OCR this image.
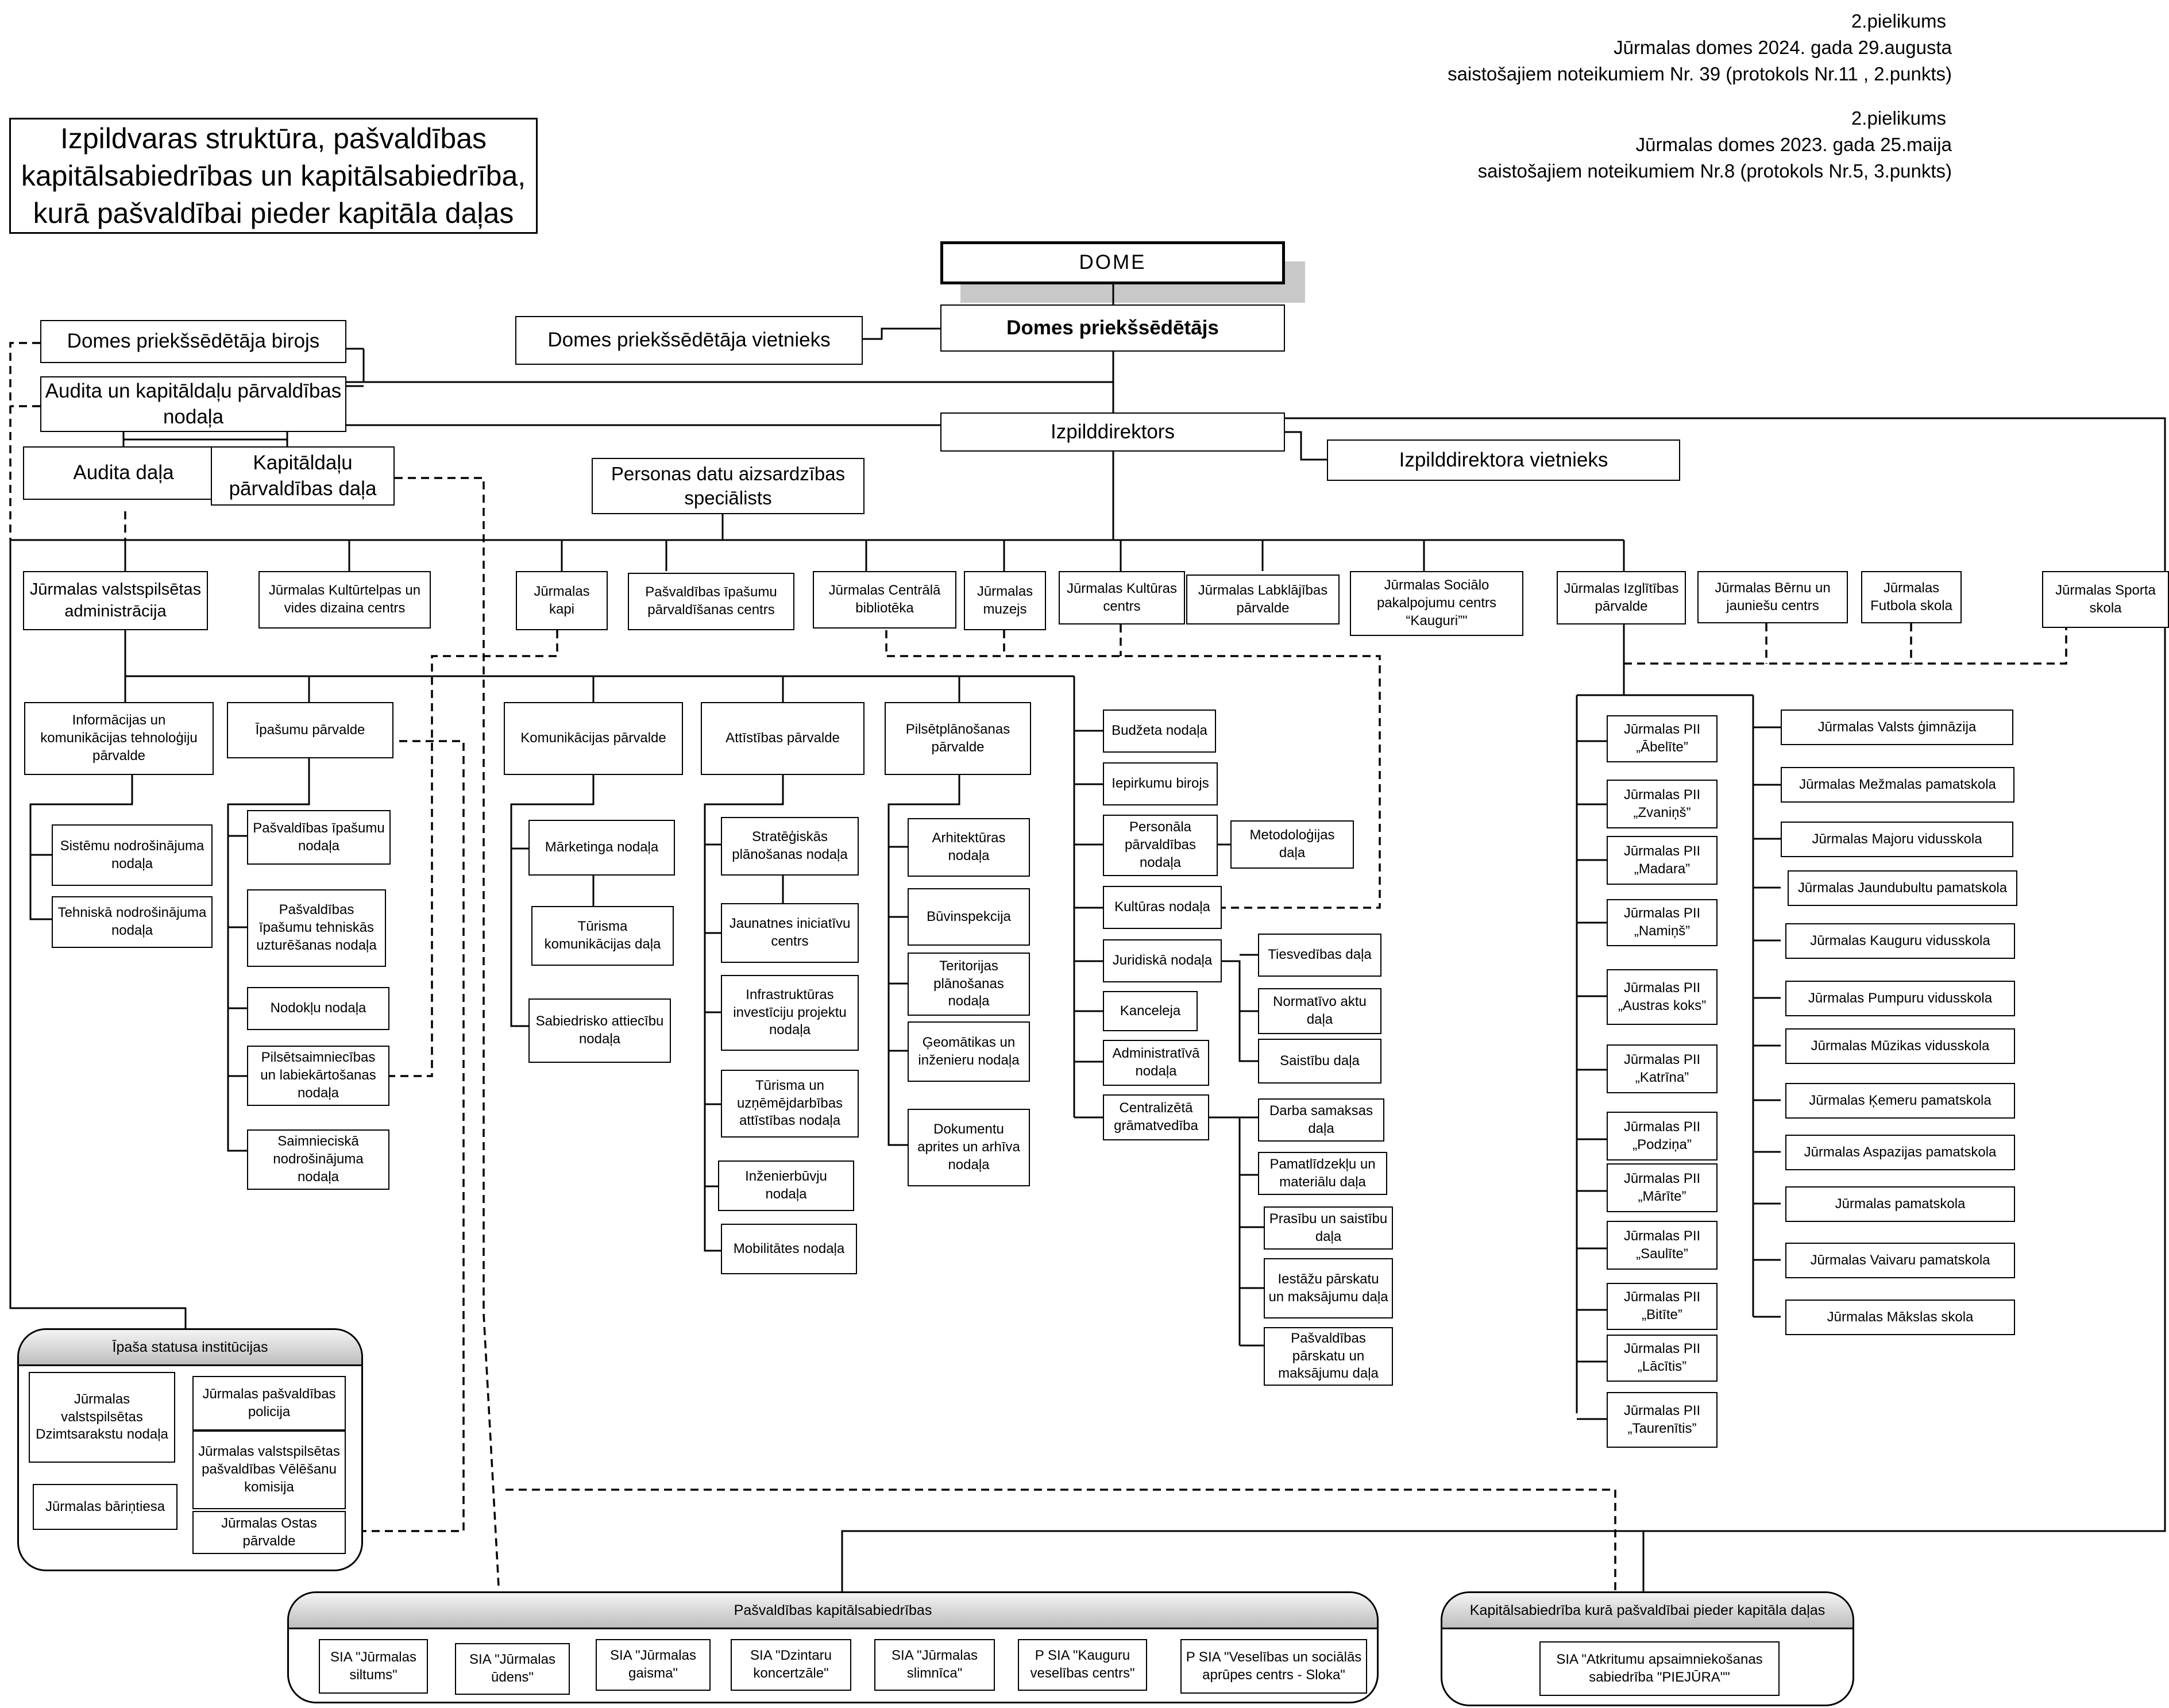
2.pielikums
Jūrmalas domes 2024. gada 29.augusta
saistošajiem noteikumiem Nr. 39 (protokols Nr.11 , 2.punkts)
2.pielikums
Jūrmalas domes 2023. gada 25.maija
saistošajiem noteikumiem Nr.8 (protokols Nr.5, 3.punkts)
Izpildvaras struktūra, pašvaldības kapitālsabiedrības un kapitālsabiedrība, kurā pašvaldībai pieder kapitāla daļas
DOME
Domes priekšsēdētājs
Domes priekšsēdētāja vietnieks
Domes priekšsēdētāja birojs
Audita un kapitāldaļu pārvaldības nodaļa
Audita daļa	Kapitāldaļu pārvaldības daļa
Izpilddirektors
Izpilddirektora vietnieks
Personas datu aizsardzības speciālists
Jūrmalas valstspilsētas administrācija
Jūrmalas Kultūrtelpas un vides dizaina centrs
Jūrmalas kapi
Pašvaldības īpašumu pārvaldīšanas centrs
Jūrmalas Centrālā bibliotēka
Jūrmalas muzejs
Jūrmalas Kultūras centrs
Jūrmalas Labklājības pārvalde
Jūrmalas Sociālo pakalpojumu centrs “Kauguri”"
Jūrmalas Izglītības pārvalde
Jūrmalas Bērnu un jauniešu centrs
Jūrmalas Futbola skola
Jūrmalas Sporta skola
Informācijas un komunikācijas tehnoloģiju pārvalde
Sistēmu nodrošinājuma nodaļa
Tehniskā nodrošinājuma nodaļa
Īpašumu pārvalde
Pašvaldības īpašumu nodaļa
Pašvaldības īpašumu tehniskās uzturēšanas nodaļa
Nodokļu nodaļa
Pilsētsaimniecības un labiekārtošanas nodaļa
Saimnieciskā nodrošinājuma nodaļa
Komunikācijas pārvalde
Mārketinga nodaļa
Tūrisma komunikācijas daļa
Sabiedrisko attiecību nodaļa
Attīstības pārvalde
Stratēģiskās plānošanas nodaļa
Jaunatnes iniciatīvu centrs
Infrastruktūras investīciju projektu nodaļa
Tūrisma un uzņēmējdarbības attīstības nodaļa
Inženierbūvju nodaļa
Mobilitātes nodaļa
Pilsētplānošanas pārvalde
Arhitektūras nodaļa
Būvinspekcija
Teritorijas plānošanas nodaļa
Ģeomātikas un inženieru nodaļa
Dokumentu aprites un arhīva nodaļa
Budžeta nodaļa
Iepirkumu birojs
Personāla pārvaldības nodaļa
Metodoloģijas daļa
Kultūras nodaļa
Juridiskā nodaļa	Tiesvedības daļa
Normatīvo aktu daļa
Saistību daļa
Kanceleja
Administratīvā nodaļa
Centralizētā grāmatvedība
Darba samaksas daļa
Pamatlīdzekļu un materiālu daļa
Prasību un saistību daļa
Iestāžu pārskatu un maksājumu daļa
Pašvaldības pārskatu un maksājumu daļa
Jūrmalas PII „Ābelīte”
Jūrmalas PII „Zvaniņš”
Jūrmalas PII „Madara”
Jūrmalas PII „Namiņš”
Jūrmalas PII „Austras koks”
Jūrmalas PII „Katrīna”
Jūrmalas PII „Podziņa”
Jūrmalas PII „Mārīte”
Jūrmalas PII „Saulīte”
Jūrmalas PII „Bitīte”
Jūrmalas PII „Lācītis”
Jūrmalas PII „Taurenītis”
Jūrmalas Valsts ģimnāzija
Jūrmalas Mežmalas pamatskola
Jūrmalas Majoru vidusskola
Jūrmalas Jaundubultu pamatskola
Jūrmalas Kauguru vidusskola
Jūrmalas Pumpuru vidusskola
Jūrmalas Mūzikas vidusskola
Jūrmalas Ķemeru pamatskola
Jūrmalas Aspazijas pamatskola
Jūrmalas pamatskola
Jūrmalas Vaivaru pamatskola
Jūrmalas Mākslas skola
Īpaša statusa institūcijas
Jūrmalas valstspilsētas Dzimtsarakstu nodaļa
Jūrmalas bāriņtiesa
Jūrmalas pašvaldības policija
Jūrmalas valstspilsētas pašvaldības Vēlēšanu komisija
Jūrmalas Ostas pārvalde
Pašvaldības kapitālsabiedrības
SIA "Jūrmalas siltums"
SIA "Jūrmalas ūdens"
SIA "Jūrmalas gaisma"
SIA "Dzintaru koncertzāle"
SIA "Jūrmalas slimnīca"
P SIA "Kauguru veselības centrs"
P SIA "Veselības un sociālās aprūpes centrs - Sloka"
Kapitālsabiedrība kurā pašvaldībai pieder kapitāla daļas
SIA "Atkritumu apsaimniekošanas sabiedrība "PIEJŪRA""
